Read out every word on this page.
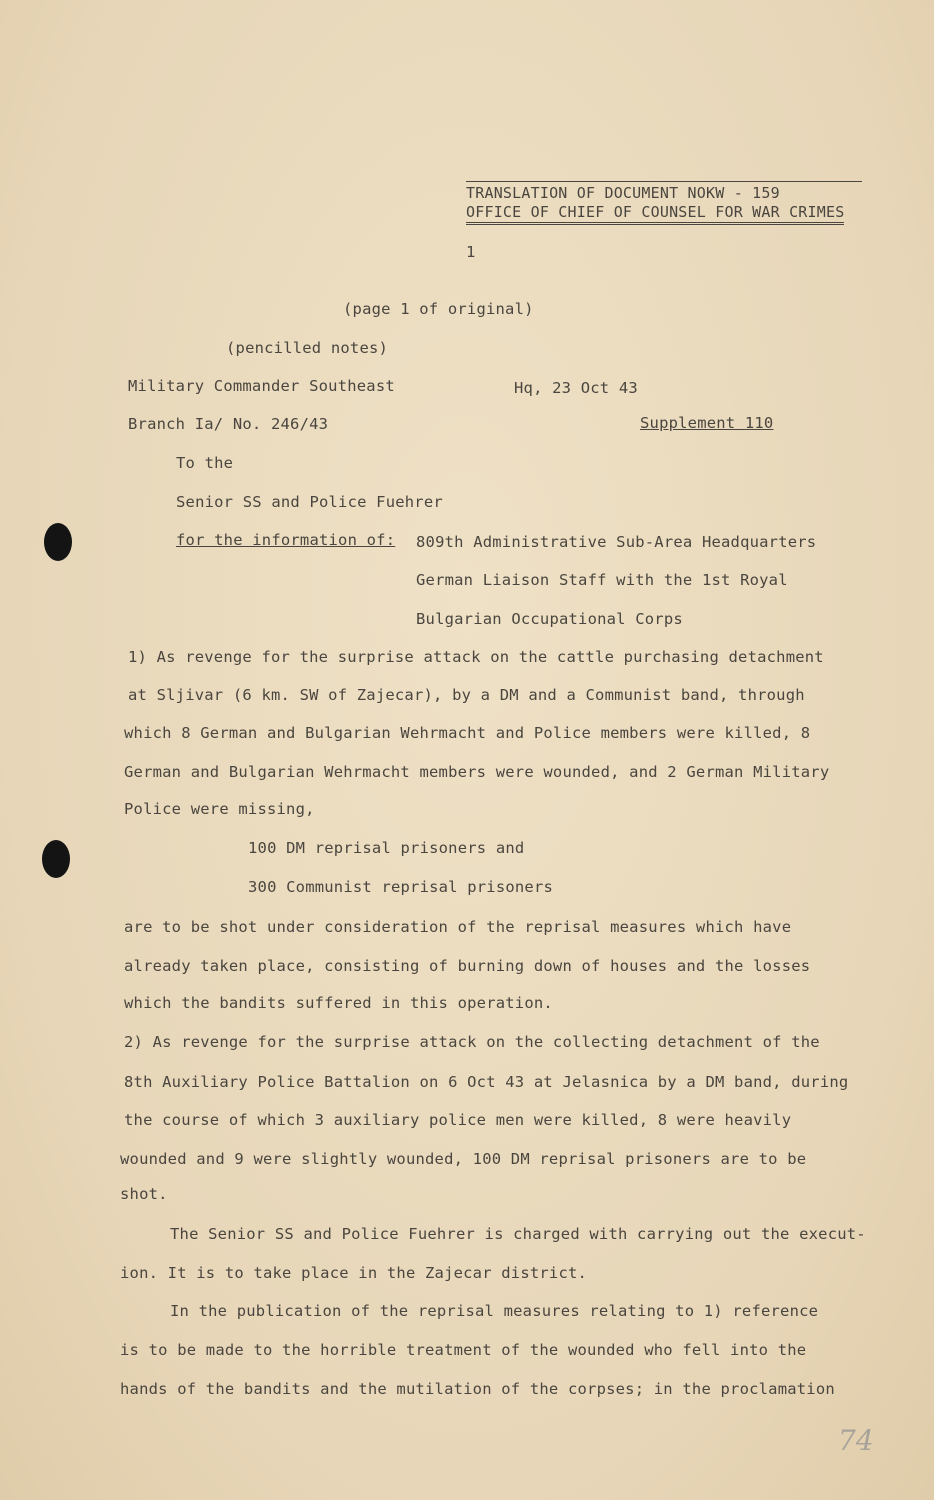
TRANSLATION OF DOCUMENT NOKW - 159
OFFICE OF CHIEF OF COUNSEL FOR WAR CRIMES
1
(page 1 of original)
(pencilled notes)
Military Commander Southeast	Hq, 23 Oct 43
Branch Ia/ No. 246/43	Supplement 110
To the
Senior SS and Police Fuehrer
for the information of: 809th Administrative Sub-Area Headquarters
German Liaison Staff with the 1st Royal
Bulgarian Occupational Corps
1) As revenge for the surprise attack on the cattle purchasing detachment
at Sljivar (6 km. SW of Zajecar), by a DM and a Communist band, through
which 8 German and Bulgarian Wehrmacht and Police members were killed, 8
German and Bulgarian Wehrmacht members were wounded, and 2 German Military
Police were missing,
100 DM reprisal prisoners and
300 Communist reprisal prisoners
are to be shot under consideration of the reprisal measures which have
already taken place, consisting of burning down of houses and the losses
which the bandits suffered in this operation.
2) As revenge for the surprise attack on the collecting detachment of the
8th Auxiliary Police Battalion on 6 Oct 43 at Jelasnica by a DM band, during
the course of which 3 auxiliary police men were killed, 8 were heavily
wounded and 9 were slightly wounded, 100 DM reprisal prisoners are to be
shot.
The Senior SS and Police Fuehrer is charged with carrying out the execut-
ion. It is to take place in the Zajecar district.
In the publication of the reprisal measures relating to 1) reference
is to be made to the horrible treatment of the wounded who fell into the
hands of the bandits and the mutilation of the corpses; in the proclamation
74
